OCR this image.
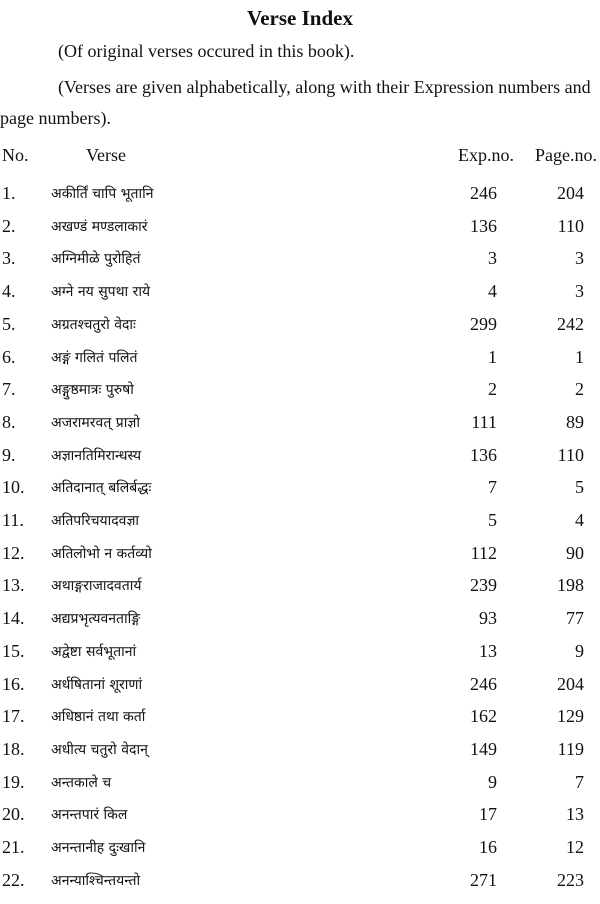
Verse Index
(Of original verses occured in this book).
(Verses are given alphabetically, along with their Expression numbers and page numbers).
No.	Verse	Exp.no.	Page.no.
1.	अकीर्तिं चापि भूतानि	246	204
2.	अखण्डं मण्डलाकारं	136	110
3.	अग्निमीळे पुरोहितं	3	3
4.	अग्ने नय सुपथा राये	4	3
5.	अग्रतश्चतुरो वेदाः	299	242
6.	अङ्गं गलितं पलितं	1	1
7.	अङ्गुष्ठमात्रः पुरुषो	2	2
8.	अजरामरवत् प्राज्ञो	111	89
9.	अज्ञानतिमिरान्धस्य	136	110
10. अतिदानात् बलिर्बद्धः	7	5
11. अतिपरिचयादवज्ञा	5	4
12. अतिलोभो न कर्तव्यो	112	90
13. अथाङ्गराजादवतार्य	239	198
14. अद्यप्रभृत्यवनताङ्गि	93	77
15. अद्वेष्टा सर्वभूतानां	13	9
16. अर्धषितानां शूराणां	246	204
17. अधिष्ठानं तथा कर्ता	162	129
18. अधीत्य चतुरो वेदान्	149	119
19. अन्तकाले च	9	7
20. अनन्तपारं किल	17	13
21. अनन्तानीह दुःखानि	16	12
22. अनन्याश्चिन्तयन्तो	271	223
